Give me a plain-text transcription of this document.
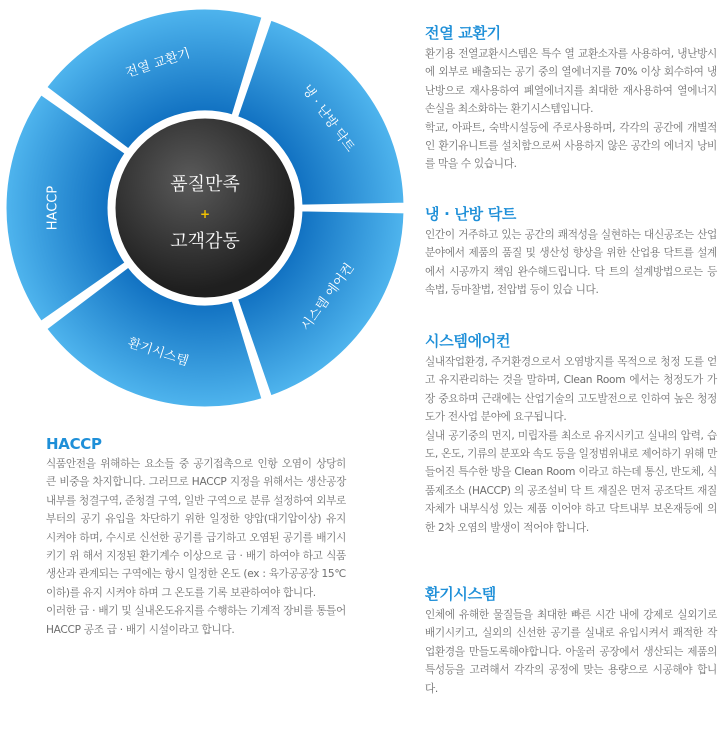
전열 교환기
냉 · 난방 닥트
시스템 에어컨
환기시스템
HACCP
품질만족
+
고객감동
전열 교환기

환기용 전열교환시스템은 특수 열 교환소자를 사용하여, 냉난방시에 외부로 배출되는 공기 중의 열에너지를 70% 이상 회수하여 냉난방으로 재사용하여 폐열에너지를 최대한 재사용하여 열에너지 손실을 최소화하는 환기시스템입니다.

학교, 아파트, 숙박시설등에 주로사용하며, 각각의 공간에 개별적인 환기유니트를 설치함으로써 사용하지 않은 공간의 에너지 낭비를 막을 수 있습니다.

냉 · 난방 닥트

인간이 거주하고 있는 공간의 쾌적성을 실현하는 대신공조는 산업분야에서 제품의 품질 및 생산성 향상을 위한 산업용 닥트를 설계에서 시공까지 책임 완수해드립니다. 닥 트의 설계방법으로는 등속법, 등마찰법, 전압법 등이 있습 니다.

시스템에어컨

실내작업환경, 주거환경으로서 오염방지를 목적으로 청정 도를 얻고 유지관리하는 것을 말하며, Clean Room 에서는 청정도가 가장 중요하며 근래에는 산업기술의 고도발전으로 인하여 높은 청정도가 전사업 분야에 요구됩니다.

실내 공기중의 먼지, 미립자를 최소로 유지시키고 실내의 압력, 습도, 온도, 기류의 분포와 속도 등을 일정범위내로 제어하기 위해 만들어진 특수한 방을 Clean Room 이라고 하는데 통신, 반도체, 식품제조소 (HACCP) 의 공조설비 닥 트 재질은 먼저 공조닥트 재질 자체가 내부식성 있는 제품 이어야 하고 닥트내부 보온재등에 의한 2차 오염의 발생이 적어야 합니다.

환기시스템

인체에 유해한 물질들을 최대한 빠른 시간 내에 강제로 실외기로 배기시키고, 실외의 신선한 공기를 실내로 유입시켜서 쾌적한 작업환경을 만들도록해야합니다. 아울러 공장에서 생산되는 제품의 특성등을 고려해서 각각의 공정에 맞는 용량으로 시공해야 합니다.

HACCP

식품안전을 위해하는 요소들 중 공기접촉으로 인항 오염이 상당히 큰 비중을 차지합니다. 그러므로 HACCP 지정을 위해서는 생산공장 내부를 청결구역, 준청결 구역, 일반 구역으로 분류 설정하여 외부로부터의 공기 유입을 차단하기 위한 일정한 양압(대기압이상) 유지 시켜야 하며, 수시로 신선한 공기를 급기하고 오염된 공기를 배기시키기 위 해서 지정된 환기계수 이상으로 급 · 배기 하여야 하고 식품생산과 관계되는 구역에는 항시 일정한 온도 (ex : 육가공공장 15℃이하)를 유지 시켜야 하며 그 온도를 기록 보관하여야 합니다.

이러한 급 · 배기 및 실내온도유지를 수행하는 기계적 장비를 통틀어 HACCP 공조 급 · 배기 시설이라고 합니다.
